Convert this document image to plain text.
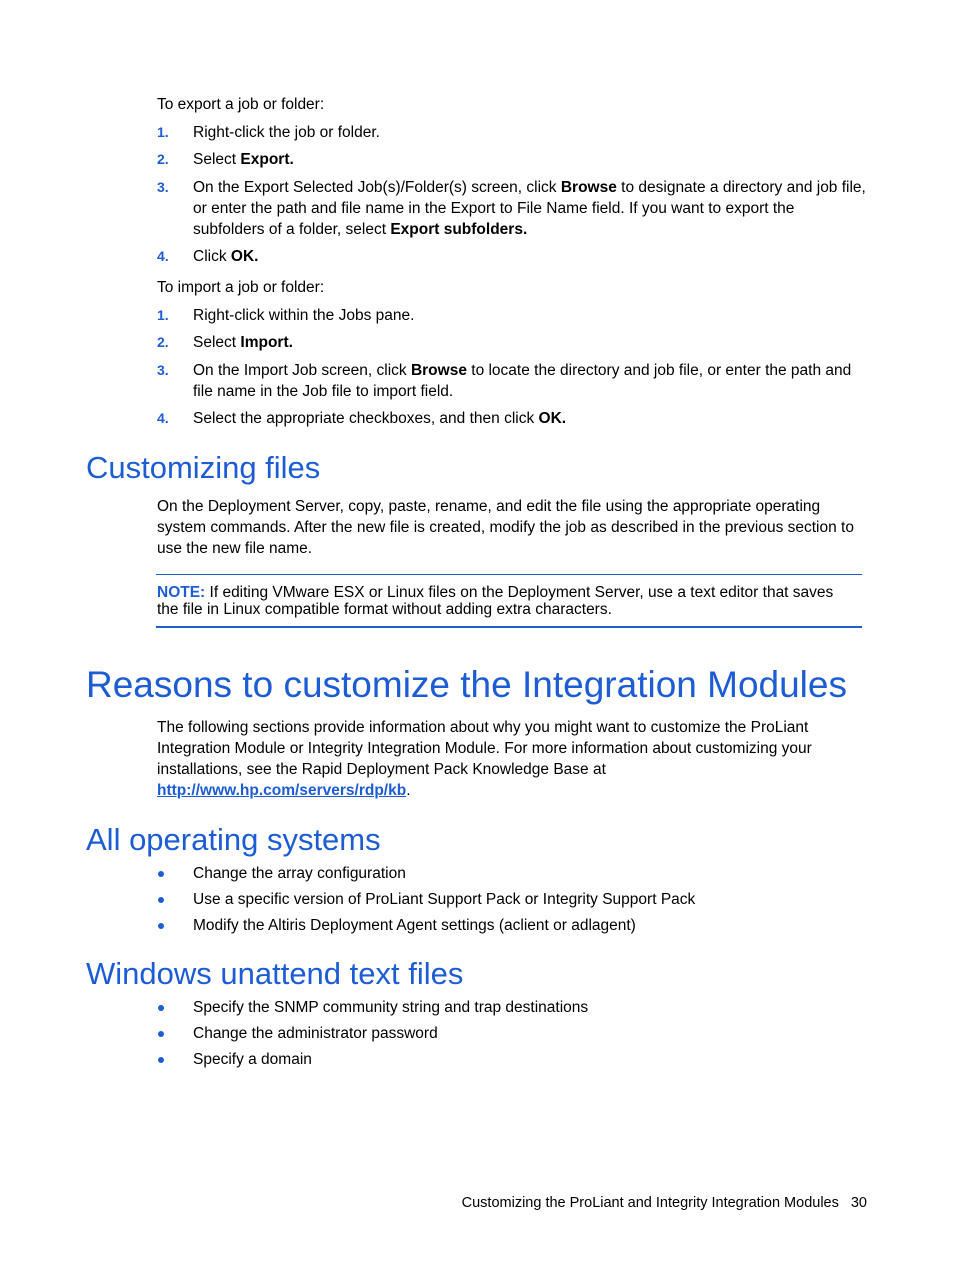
To export a job or folder:

1. Right-click the job or folder.
2. Select Export.
3. On the Export Selected Job(s)/Folder(s) screen, click Browse to designate a directory and job file, or enter the path and file name in the Export to File Name field. If you want to export the subfolders of a folder, select Export subfolders.
4. Click OK.

To import a job or folder:

1. Right-click within the Jobs pane.
2. Select Import.
3. On the Import Job screen, click Browse to locate the directory and job file, or enter the path and file name in the Job file to import field.
4. Select the appropriate checkboxes, and then click OK.
Customizing files

On the Deployment Server, copy, paste, rename, and edit the file using the appropriate operating system commands. After the new file is created, modify the job as described in the previous section to use the new file name.

NOTE: If editing VMware ESX or Linux files on the Deployment Server, use a text editor that saves the file in Linux compatible format without adding extra characters.
Reasons to customize the Integration Modules

The following sections provide information about why you might want to customize the ProLiant Integration Module or Integrity Integration Module. For more information about customizing your installations, see the Rapid Deployment Pack Knowledge Base at
http://www.hp.com/servers/rdp/kb.

All operating systems
Change the array configuration
Use a specific version of ProLiant Support Pack or Integrity Support Pack
Modify the Altiris Deployment Agent settings (aclient or adlagent)
Windows unattend text files
Specify the SNMP community string and trap destinations
Change the administrator password
Specify a domain
Customizing the ProLiant and Integrity Integration Modules 30
